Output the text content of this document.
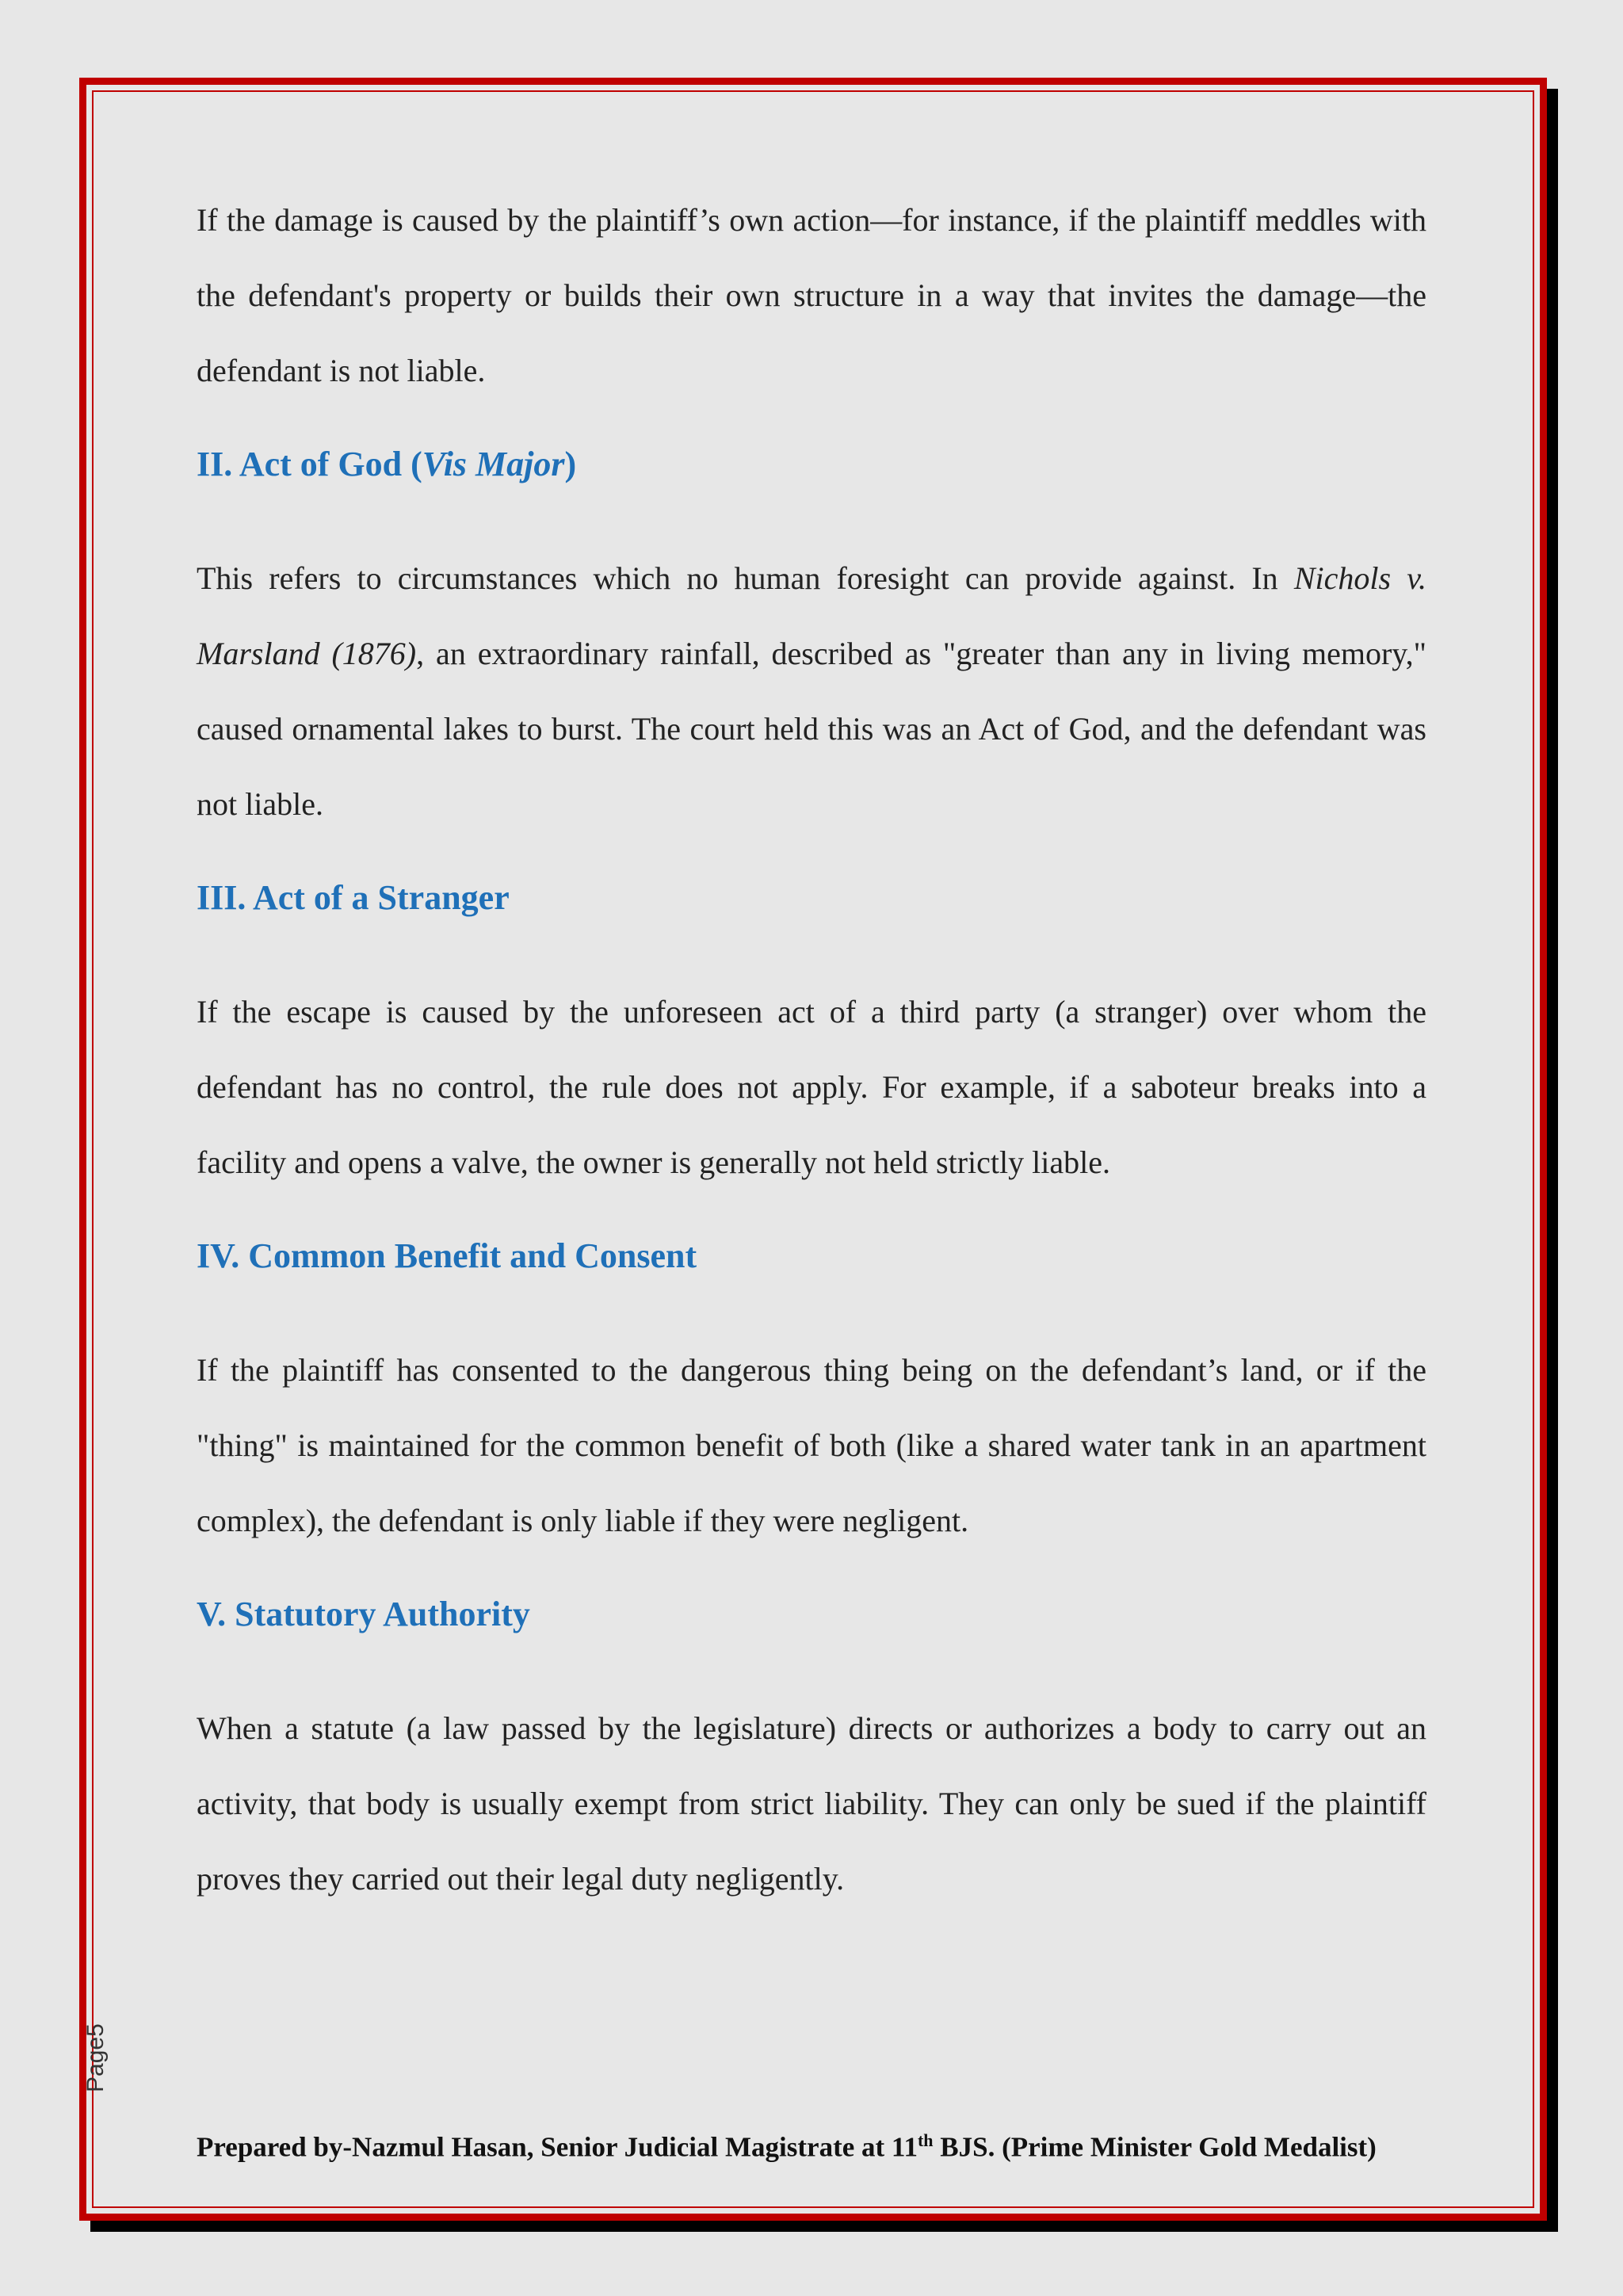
If the damage is caused by the plaintiff’s own action—for instance, if the plaintiff meddles with the defendant's property or builds their own structure in a way that invites the damage—the defendant is not liable.

II. Act of God (Vis Major)

This refers to circumstances which no human foresight can provide against. In Nichols v. Marsland (1876), an extraordinary rainfall, described as "greater than any in living memory," caused ornamental lakes to burst. The court held this was an Act of God, and the defendant was not liable.

III. Act of a Stranger

If the escape is caused by the unforeseen act of a third party (a stranger) over whom the defendant has no control, the rule does not apply. For example, if a saboteur breaks into a facility and opens a valve, the owner is generally not held strictly liable.

IV. Common Benefit and Consent

If the plaintiff has consented to the dangerous thing being on the defendant’s land, or if the "thing" is maintained for the common benefit of both (like a shared water tank in an apartment complex), the defendant is only liable if they were negligent.

V. Statutory Authority

When a statute (a law passed by the legislature) directs or authorizes a body to carry out an activity, that body is usually exempt from strict liability. They can only be sued if the plaintiff proves they carried out their legal duty negligently.

Page5
Prepared by-Nazmul Hasan, Senior Judicial Magistrate at 11th BJS. (Prime Minister Gold Medalist)
